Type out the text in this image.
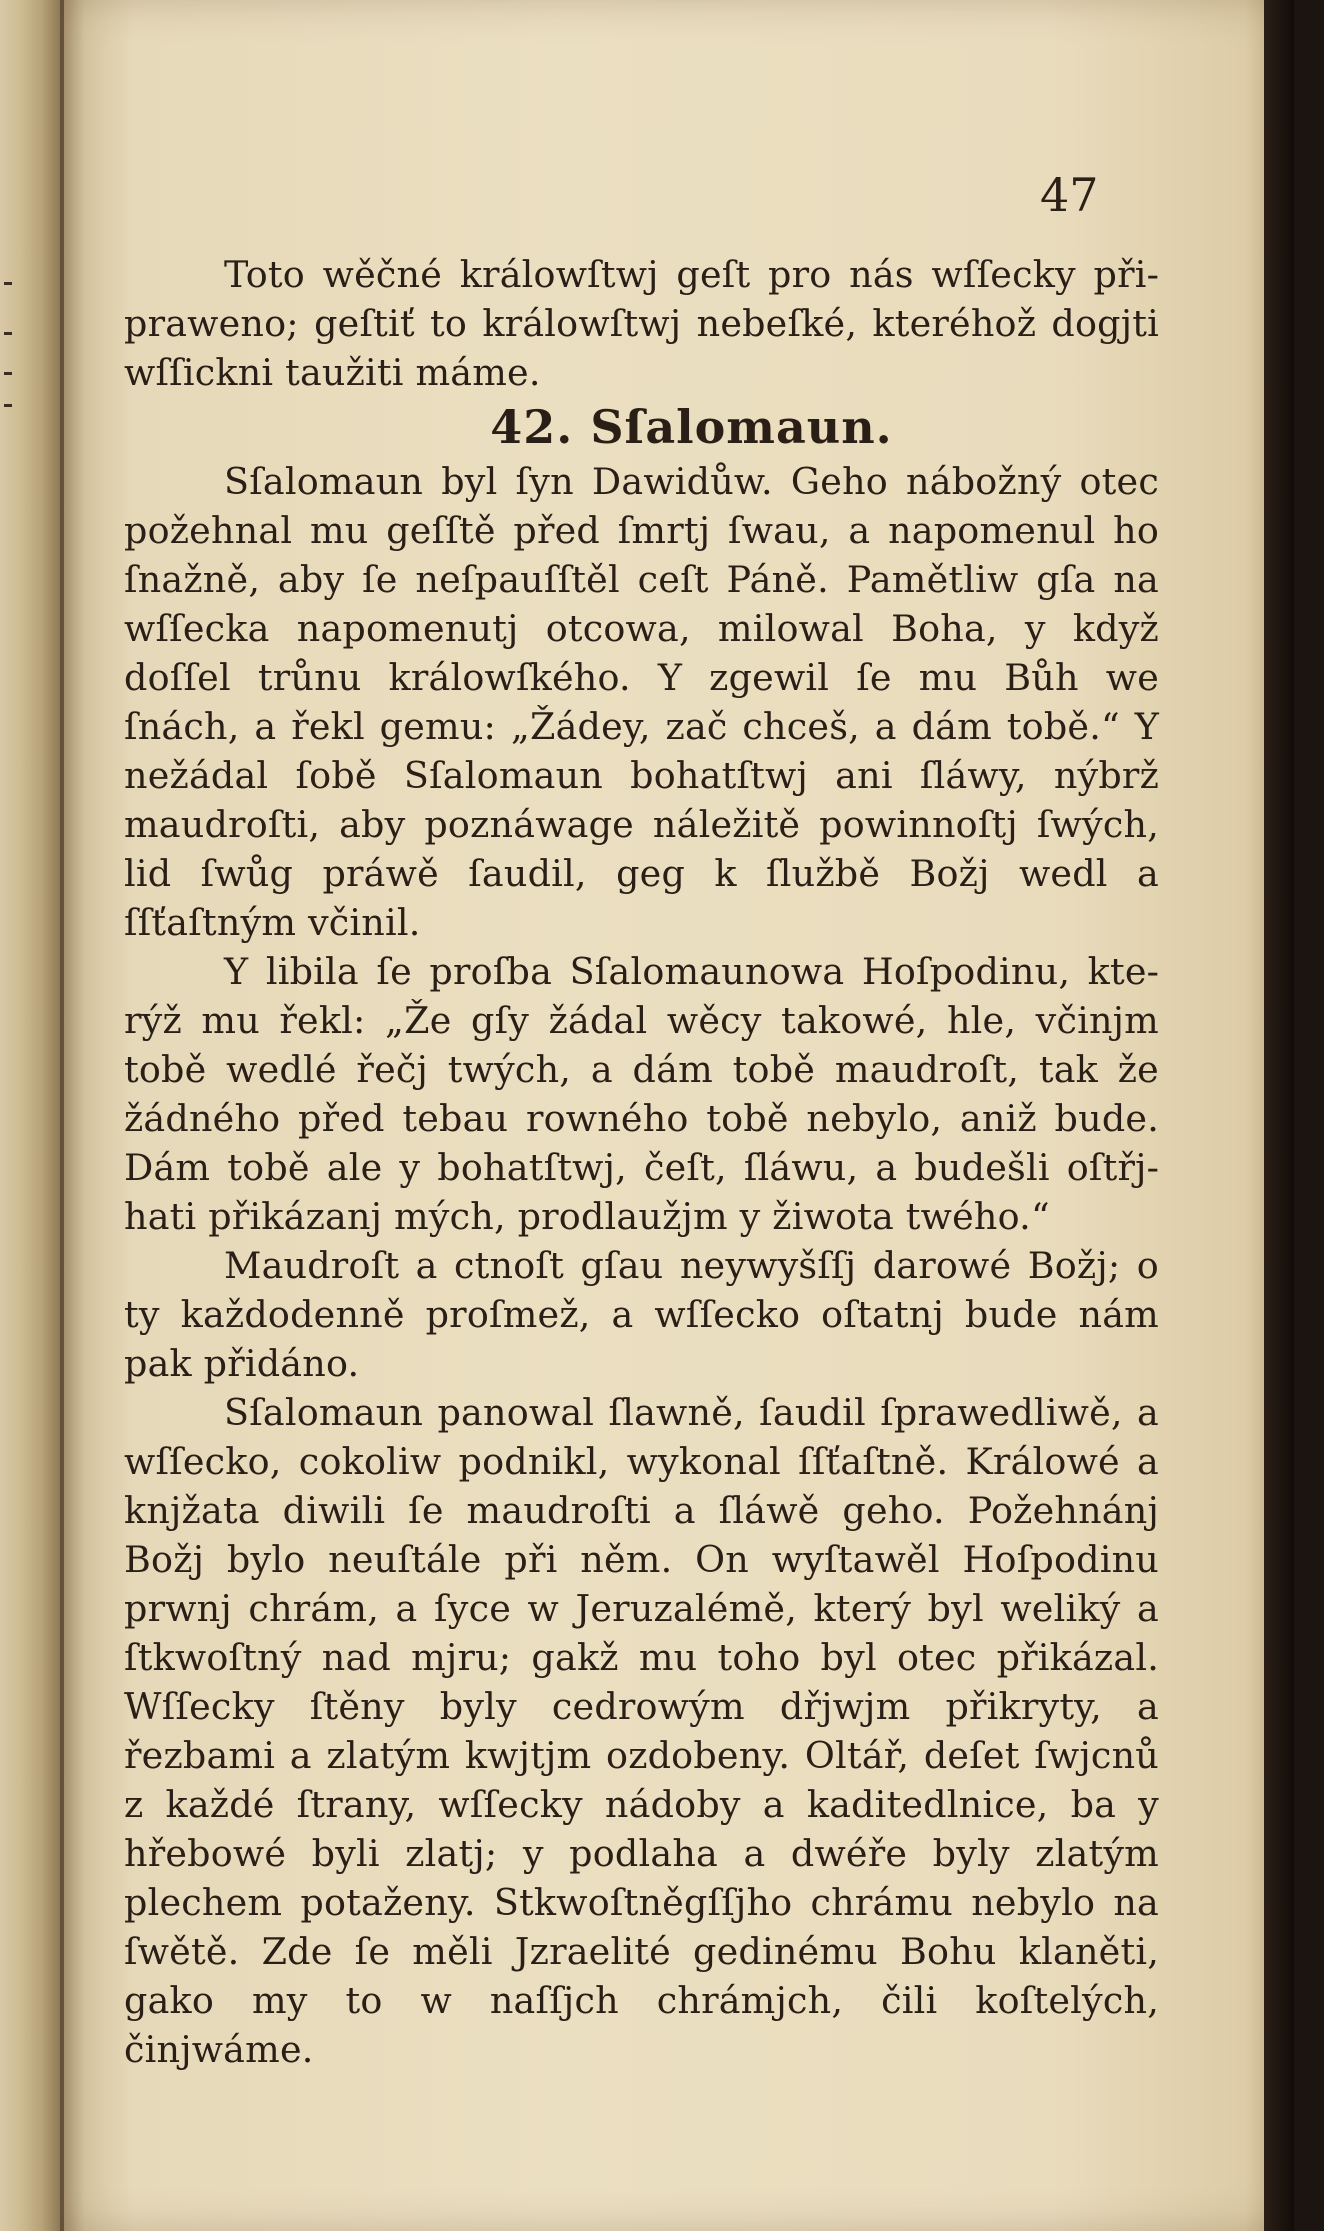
47

Toto wěčné králowſtwj geſt pro nás wſſecky připrawenо; geſtiť to králowſtwj nebeſké, kteréhož dogjti wſſickni taužiti máme.

42. Sſalomaun.

Sſalomaun byl ſyn Dawidůw. Geho nábožný otec požehnal mu geſſtě před ſmrtj ſwau, a napomenul ho ſnažně, aby ſe neſpauſſtěl ceſt Páně. Pamětliw gſa na wſſecka napomenutj otcowa, milowal Boha, y když doſſel trůnu králowſkého. Y zgewil ſe mu Bůh we ſnách, a řekl gemu: „Žádey, zač chceš, a dám tobě.“ Y nežádal ſobě Sſalomaun bohatſtwj ani ſláwy, nýbrž maudroſti, aby poznáwage náležitě powinnoſtj ſwých, lid ſwůg práwě ſaudil, geg k ſlužbě Božj wedl a ſſťaſtným včinil.

Y libila ſe proſba Sſalomaunowa Hoſpodinu, kterýž mu řekl: „Že gſy žádal wěcy takowé, hle, včinjm tobě wedlé řečj twých, a dám tobě maudroſt, tak že žádného před tebau rowného tobě nebylo, aniž bude. Dám tobě ale y bohatſtwj, čeſt, ſláwu, a budešli oſtřjhati přikázanj mých, prodlaužjm y žiwota twého.“

Maudroſt a ctnoſt gſau neywyšſſj darowé Božj; o ty každodenně proſmež, a wſſecko oſtatnj bude nám pak přidáno.

Sſalomaun panowal ſlawně, ſaudil ſprawedliwě, a wſſecko, cokoliw podnikl, wykonal ſſťaſtně. Králowé a knjžata diwili ſe maudroſti a ſláwě geho. Požehnánj Božj bylo neuſtále při něm. On wyſtawěl Hoſpodinu prwnj chrám, a ſyce w Jeruzalémě, který byl weliký a ſtkwoſtný nad mjru; gakž mu toho byl otec přikázal. Wſſecky ſtěny byly cedrowým dřjwjm přikryty, a řezbami a zlatým kwjtjm ozdobeny. Oltář, deſet ſwjcnů z každé ſtrany, wſſecky nádoby a kaditedlnice, ba y hřebowé byli zlatj; y podlaha a dwéře byly zlatým plechem potaženy. Stkwoſtněgſſjho chrámu nebylo na ſwětě. Zde ſe měli Jzraelité gedinému Bohu klaněti, gako my to w naſſjch chrámjch, čili koſtelých, činjwáme.
